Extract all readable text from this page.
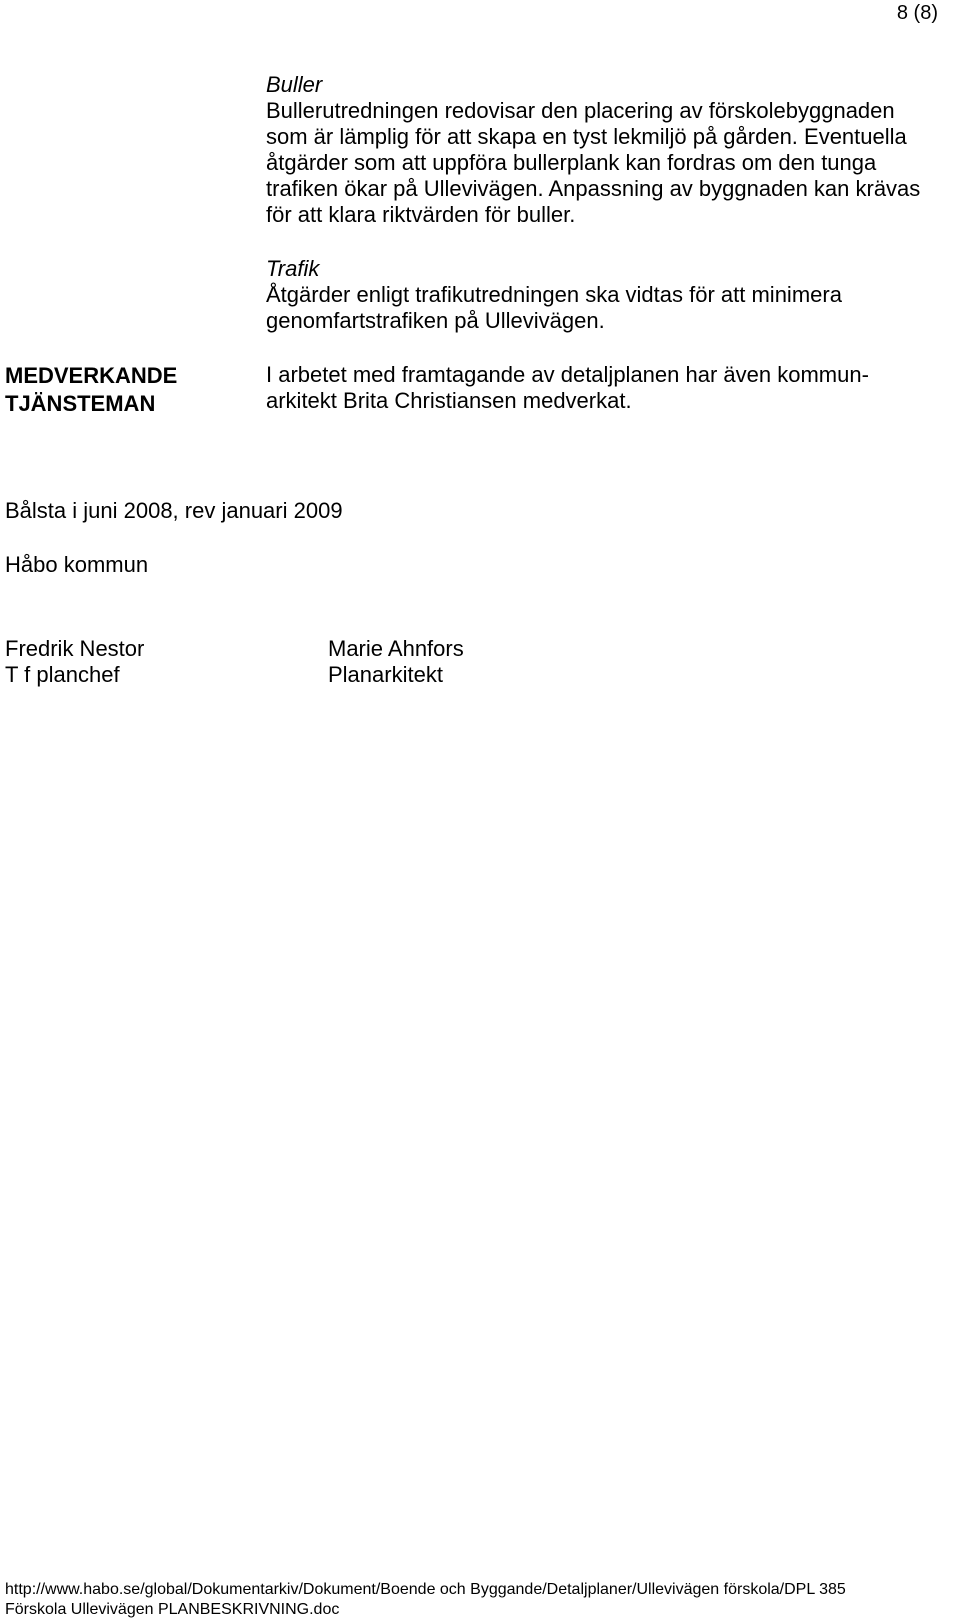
8 (8)
Buller

Bullerutredningen redovisar den placering av förskolebyggnaden som är lämplig för att skapa en tyst lekmiljö på gården. Eventuella åtgärder som att uppföra bullerplank kan fordras om den tunga trafiken ökar på Ullevivägen. Anpassning av byggnaden kan krävas för att klara riktvärden för buller.

Trafik

Åtgärder enligt trafikutredningen ska vidtas för att minimera genomfartstrafiken på Ullevivägen.

MEDVERKANDE
TJÄNSTEMAN
I arbetet med framtagande av detaljplanen har även kommun-
arkitekt Brita Christiansen medverkat.

Bålsta i juni 2008, rev januari 2009

Håbo kommun

Fredrik Nestor
T f planchef
Marie Ahnfors
Planarkitekt
http://www.habo.se/global/Dokumentarkiv/Dokument/Boende och Byggande/Detaljplaner/Ullevivägen förskola/DPL 385
Förskola Ullevivägen PLANBESKRIVNING.doc
